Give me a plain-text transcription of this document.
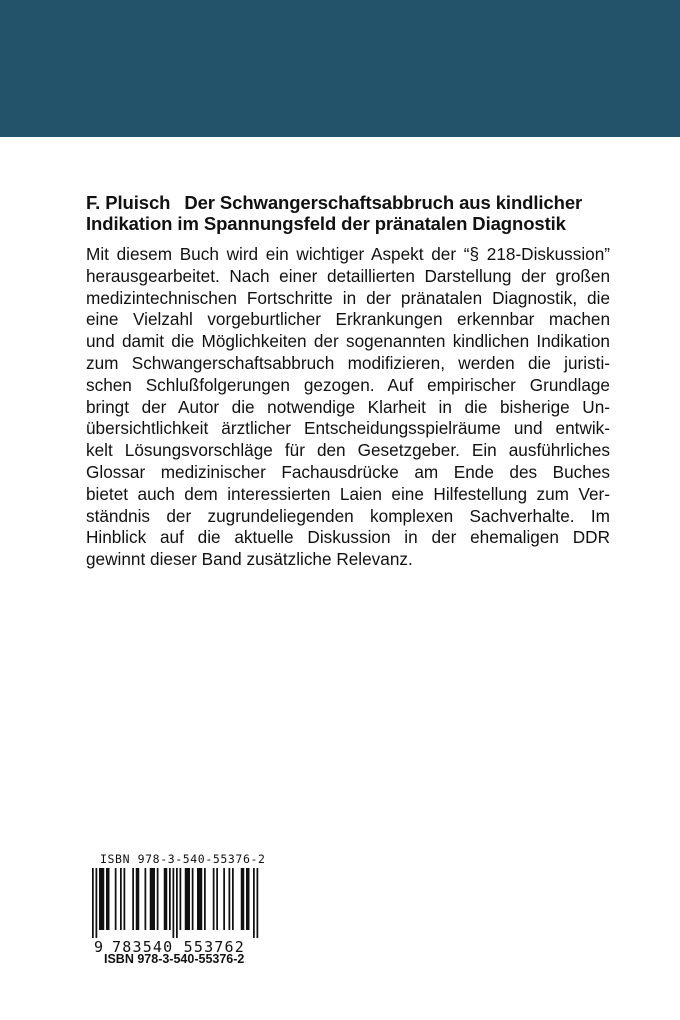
F. Pluisch Der Schwangerschaftsabbruch aus kindlicher
Indikation im Spannungsfeld der pränatalen Diagnostik
Mit diesem Buch wird ein wichtiger Aspekt der “§ 218-Diskussion”
herausgearbeitet. Nach einer detaillierten Darstellung der großen
medizintechnischen Fortschritte in der pränatalen Diagnostik, die
eine Vielzahl vorgeburtlicher Erkrankungen erkennbar machen
und damit die Möglichkeiten der sogenannten kindlichen Indikation
zum Schwangerschaftsabbruch modifizieren, werden die juristi-
schen Schlußfolgerungen gezogen. Auf empirischer Grundlage
bringt der Autor die notwendige Klarheit in die bisherige Un-
übersichtlichkeit ärztlicher Entscheidungsspielräume und entwik-
kelt Lösungsvorschläge für den Gesetzgeber. Ein ausführliches
Glossar medizinischer Fachausdrücke am Ende des Buches
bietet auch dem interessierten Laien eine Hilfestellung zum Ver-
ständnis der zugrundeliegenden komplexen Sachverhalte. Im
Hinblick auf die aktuelle Diskussion in der ehemaligen DDR
gewinnt dieser Band zusätzliche Relevanz.
ISBN 978-3-540-55376-2
9 783540 553762
ISBN 978-3-540-55376-2
